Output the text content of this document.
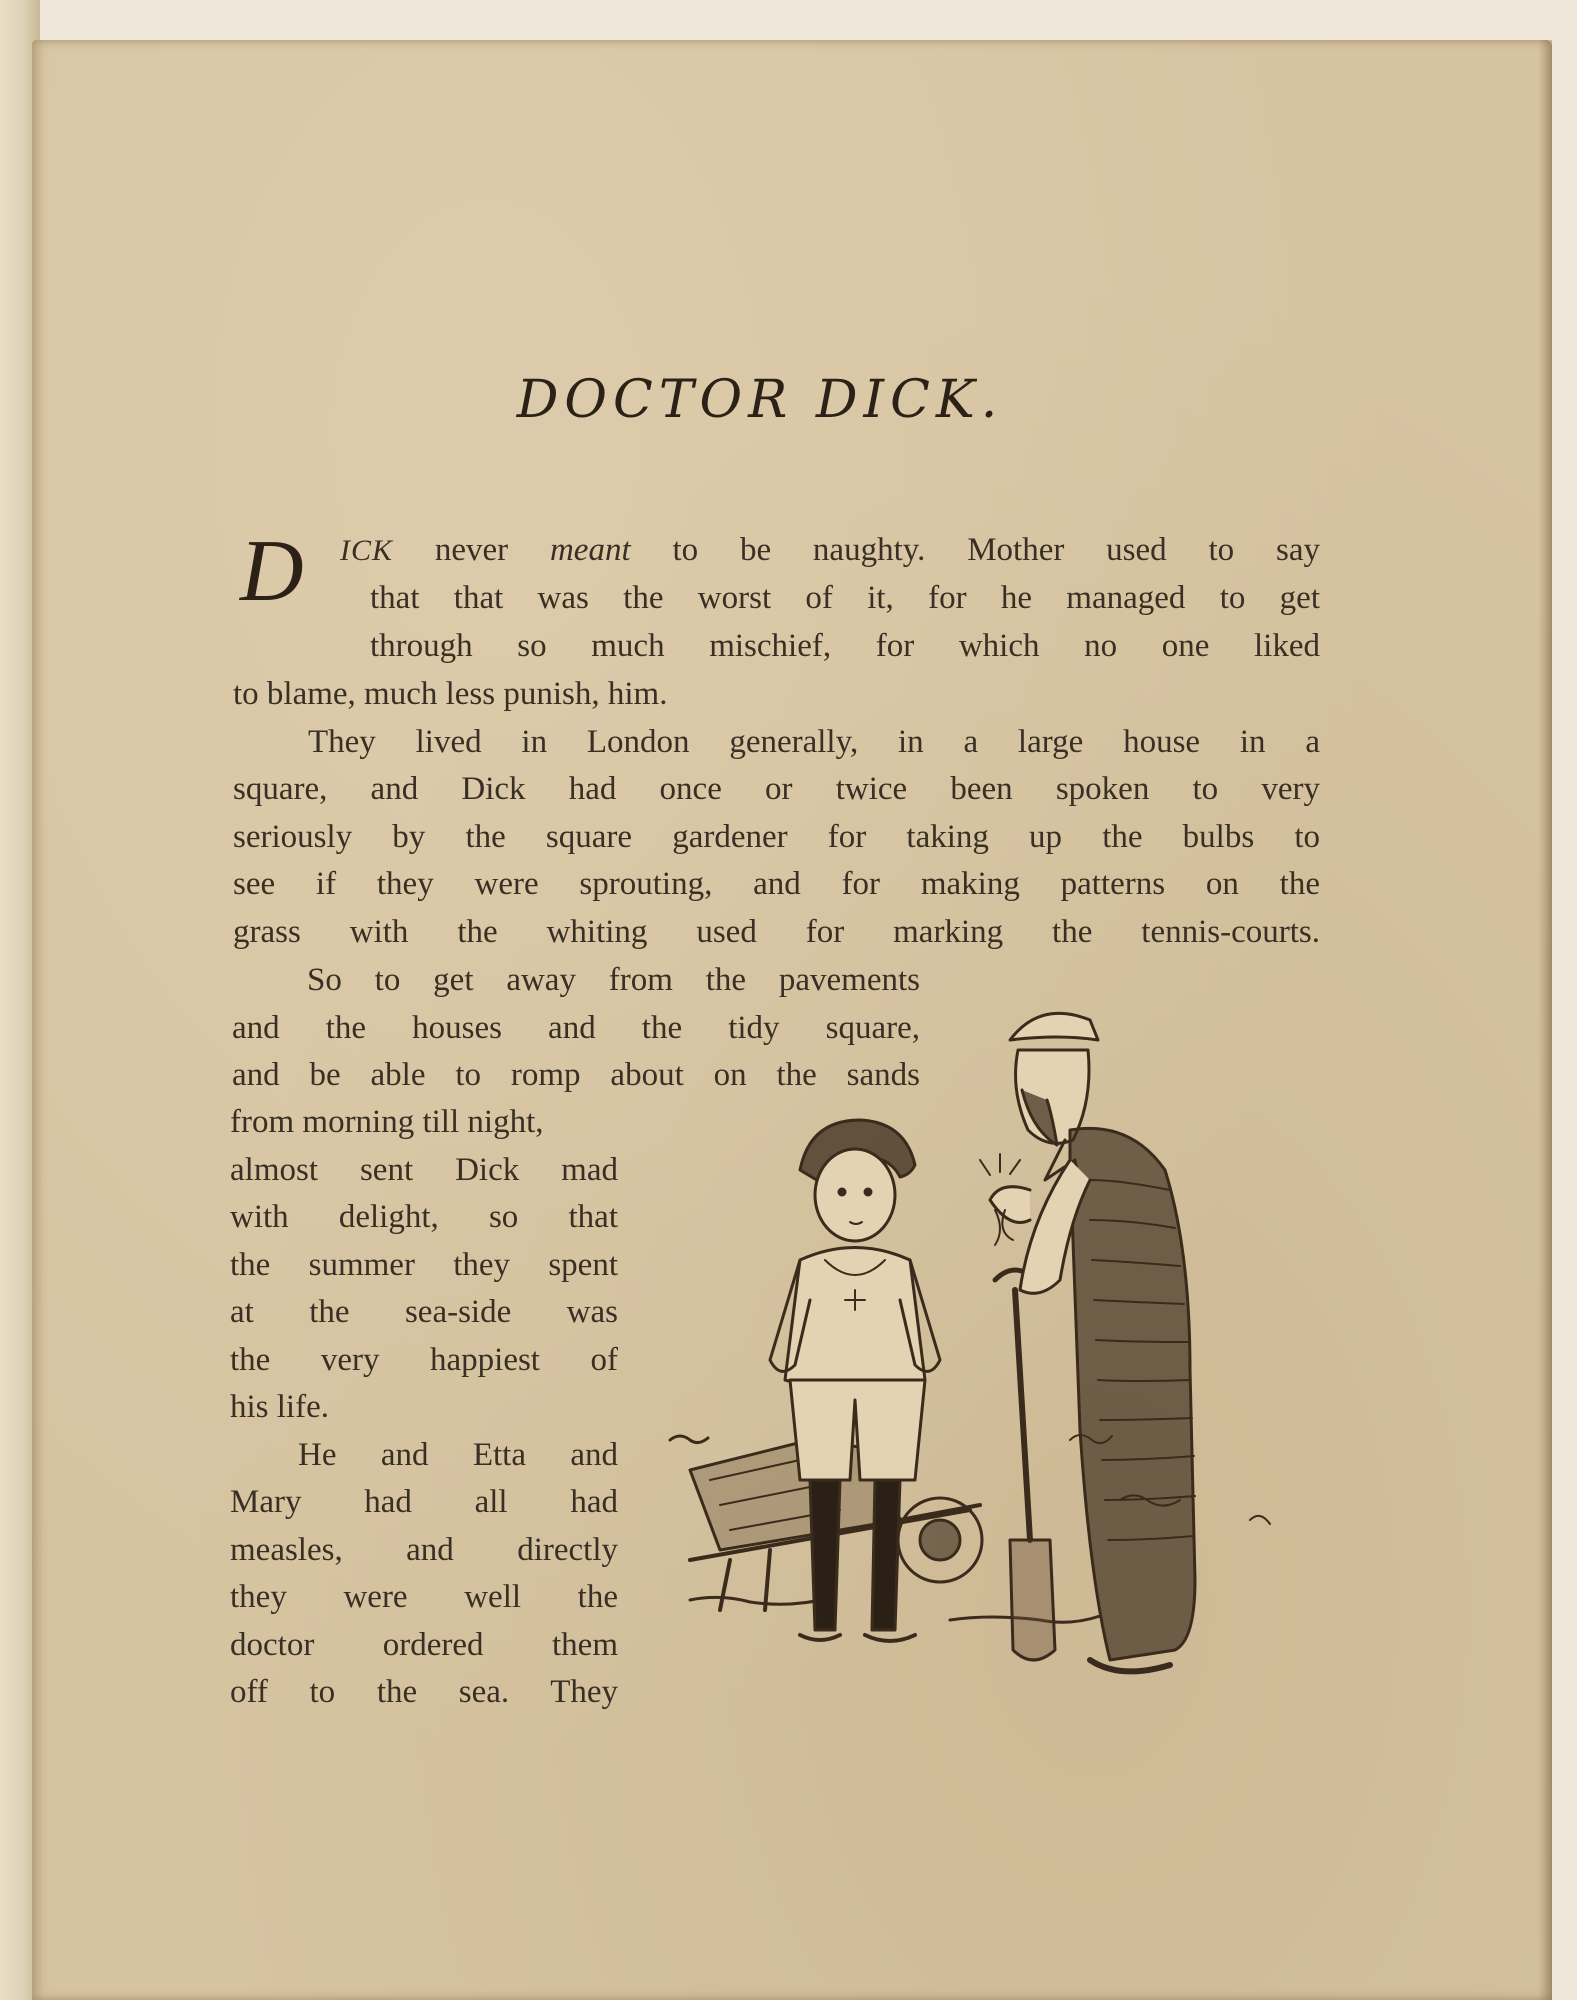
DOCTOR DICK.
D ICK never meant to be naughty. Mother used to say
that that was the worst of it, for he managed to get
through so much mischief, for which no one liked
to blame, much less punish, him.
They lived in London generally, in a large house in a
square, and Dick had once or twice been spoken to very
seriously by the square gardener for taking up the bulbs to
see if they were sprouting, and for making patterns on the
grass with the whiting used for marking the tennis-courts.
So to get away from the pavements
and the houses and the tidy square,
and be able to romp about on the sands
from morning till night,
almost sent Dick mad
with delight, so that
the summer they spent
at the sea-side was
the very happiest of
his life.
He and Etta and
Mary had all had
measles, and directly
they were well the
doctor ordered them
off to the sea. They
